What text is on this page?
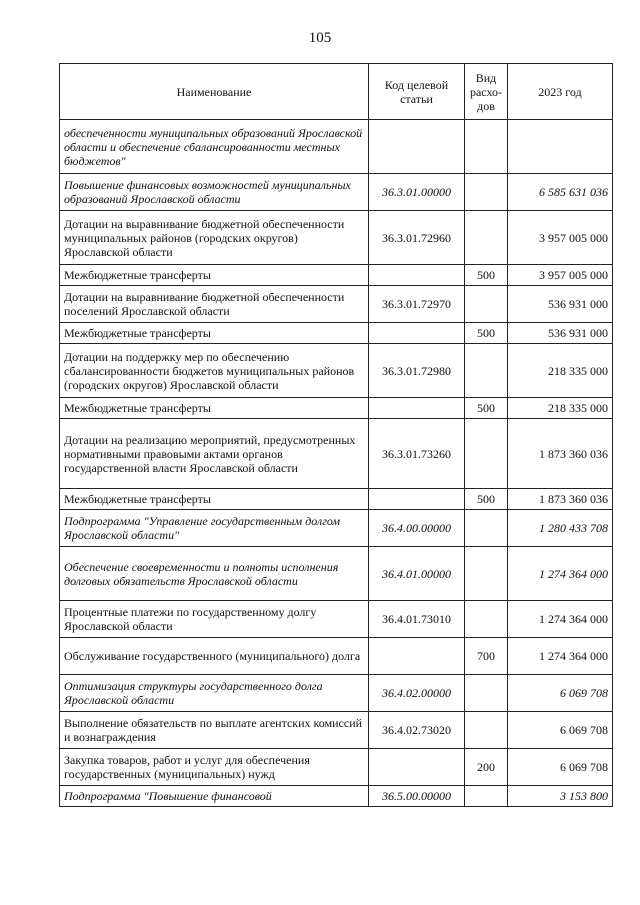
105
Наименование	Код целевой статьи	Вид расхо-дов	2023 год
обеспеченности муниципальных образований Ярославской области и обеспечение сбалансированности местных бюджетов"			
Повышение финансовых возможностей муниципальных образований Ярославской области	36.3.01.00000		6 585 631 036
Дотации на выравнивание бюджетной обеспеченности муниципальных районов (городских округов) Ярославской области	36.3.01.72960		3 957 005 000
Межбюджетные трансферты		500	3 957 005 000
Дотации на выравнивание бюджетной обеспеченности поселений Ярославской области	36.3.01.72970		536 931 000
Межбюджетные трансферты		500	536 931 000
Дотации на поддержку мер по обеспечению сбалансированности бюджетов муниципальных районов (городских округов) Ярославской области	36.3.01.72980		218 335 000
Межбюджетные трансферты		500	218 335 000
Дотации на реализацию мероприятий, предусмотренных нормативными правовыми актами органов государственной власти Ярославской области	36.3.01.73260		1 873 360 036
Межбюджетные трансферты		500	1 873 360 036
Подпрограмма "Управление государственным долгом Ярославской области"	36.4.00.00000		1 280 433 708
Обеспечение своевременности и полноты исполнения долговых обязательств Ярославской области	36.4.01.00000		1 274 364 000
Процентные платежи по государственному долгу Ярославской области	36.4.01.73010		1 274 364 000
Обслуживание государственного (муниципального) долга		700	1 274 364 000
Оптимизация структуры государственного долга Ярославской области	36.4.02.00000		6 069 708
Выполнение обязательств по выплате агентских комиссий и вознаграждения	36.4.02.73020		6 069 708
Закупка товаров, работ и услуг для обеспечения государственных (муниципальных) нужд		200	6 069 708
Подпрограмма "Повышение финансовой	36.5.00.00000		3 153 800
